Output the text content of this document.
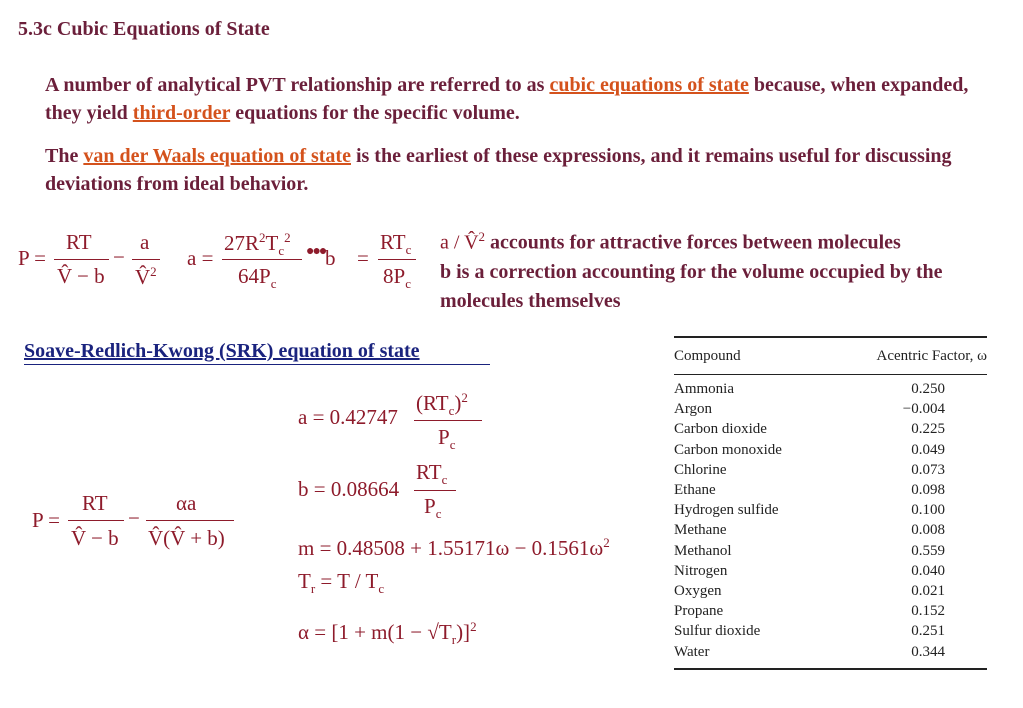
5.3c Cubic Equations of State
A number of analytical PVT relationship are referred to as cubic equations of state because, when expanded, they yield third-order equations for the specific volume.
The van der Waals equation of state is the earliest of these expressions, and it remains useful for discussing deviations from ideal behavior.
P =
RT
V̂ − b
−
a
V̂$^2$
a =
$27R^2T_c^2$
$64P_c$
●●● b =
$RT_c$
$8P_c$
a / V̂$^2$ accounts for attractive forces between molecules
b is a correction accounting for the volume occupied by the molecules themselves
Soave-Redlich-Kwong (SRK) equation of state
P =
RT
V̂ − b
−
αa
V̂(V̂ + b)
a = 0.42747
$(RT_c)^2$
$P_c$
b = 0.08664
$RT_c$
$P_c$
$m = 0.48508 + 1.55171\omega - 0.1561\omega^2$
$T_r = T / T_c$
$\alpha = [1 + m(1 - √T_r)]^2$
Compound	Acentric Factor, ω
Ammonia	0.250
Argon	−0.004
Carbon dioxide	0.225
Carbon monoxide	0.049
Chlorine	0.073
Ethane	0.098
Hydrogen sulfide	0.100
Methane	0.008
Methanol	0.559
Nitrogen	0.040
Oxygen	0.021
Propane	0.152
Sulfur dioxide	0.251
Water	0.344
